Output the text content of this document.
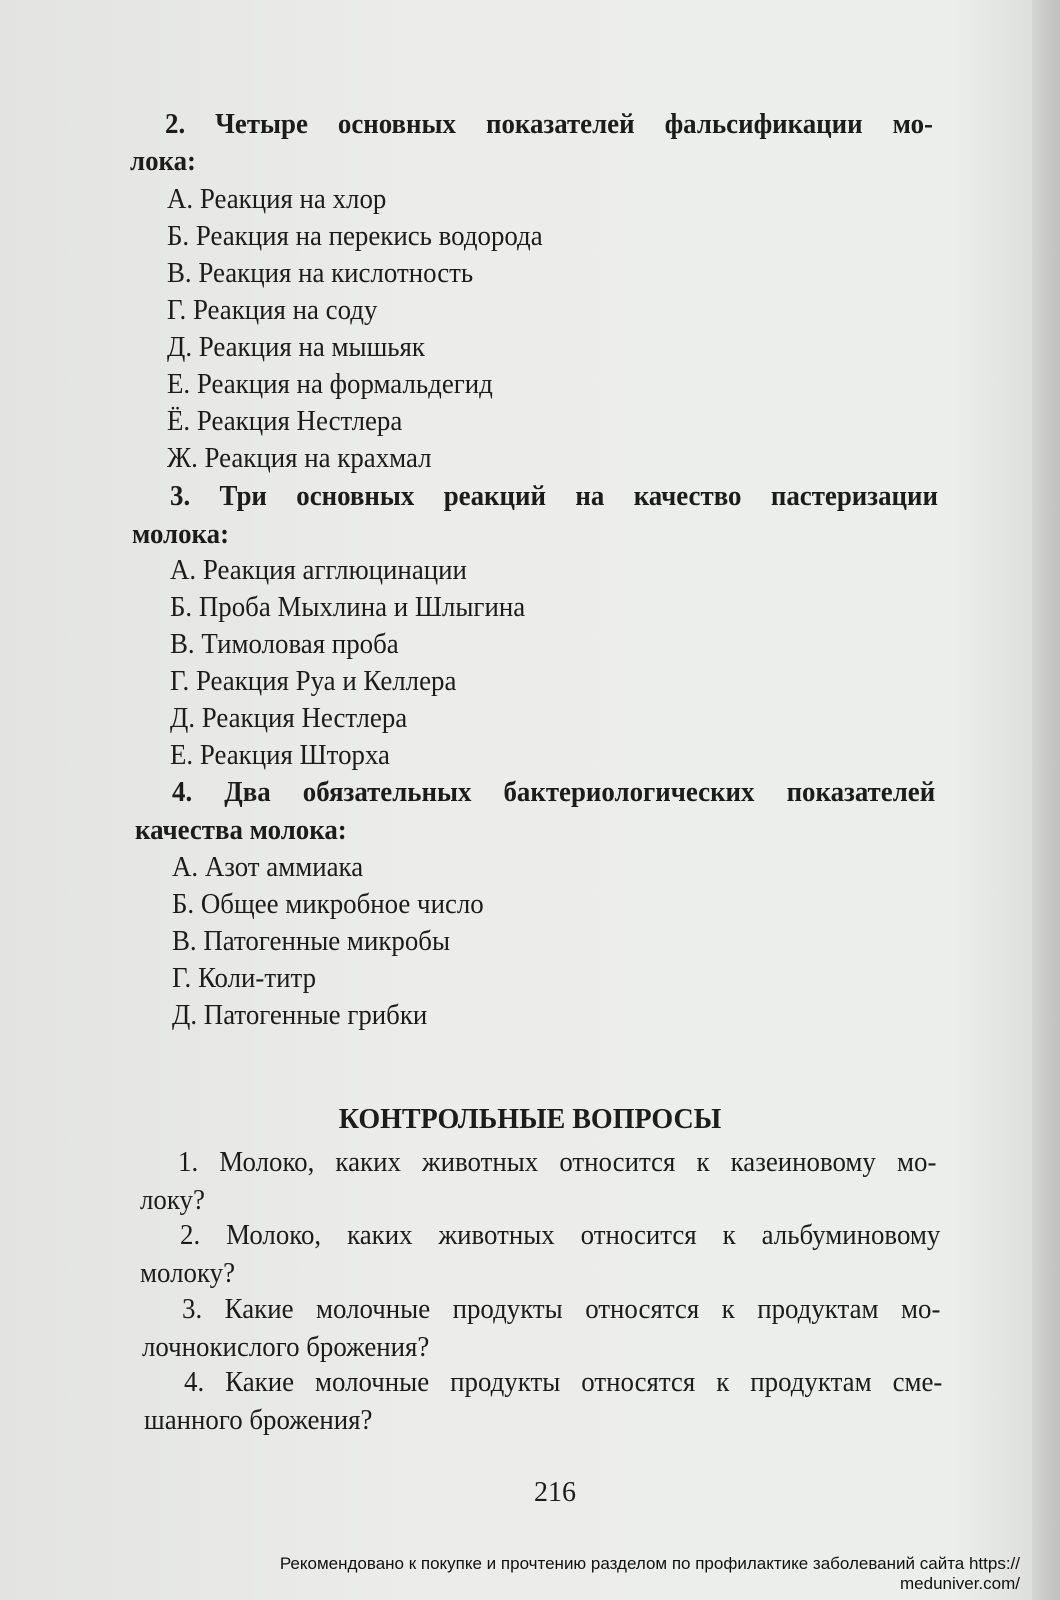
2. Четыре основных показателей фальсификации мо-
лока:
А. Реакция на хлор
Б. Реакция на перекись водорода
В. Реакция на кислотность
Г. Реакция на соду
Д. Реакция на мышьяк
Е. Реакция на формальдегид
Ё. Реакция Нестлера
Ж. Реакция на крахмал
3. Три основных реакций на качество пастеризации
молока:
А. Реакция агглюцинации
Б. Проба Мыхлина и Шлыгина
В. Тимоловая проба
Г. Реакция Руа и Келлера
Д. Реакция Нестлера
Е. Реакция Шторха
4. Два обязательных бактериологических показателей
качества молока:
А. Азот аммиака
Б. Общее микробное число
В. Патогенные микробы
Г. Коли-титр
Д. Патогенные грибки
КОНТРОЛЬНЫЕ ВОПРОСЫ
1. Молоко, каких животных относится к казеиновому мо-
локу?
2. Молоко, каких животных относится к альбуминовому
молоку?
3. Какие молочные продукты относятся к продуктам мо-
лочнокислого брожения?
4. Какие молочные продукты относятся к продуктам сме-
шанного брожения?
216
Рекомендовано к покупке и прочтению разделом по профилактике заболеваний сайта https://
meduniver.com/
